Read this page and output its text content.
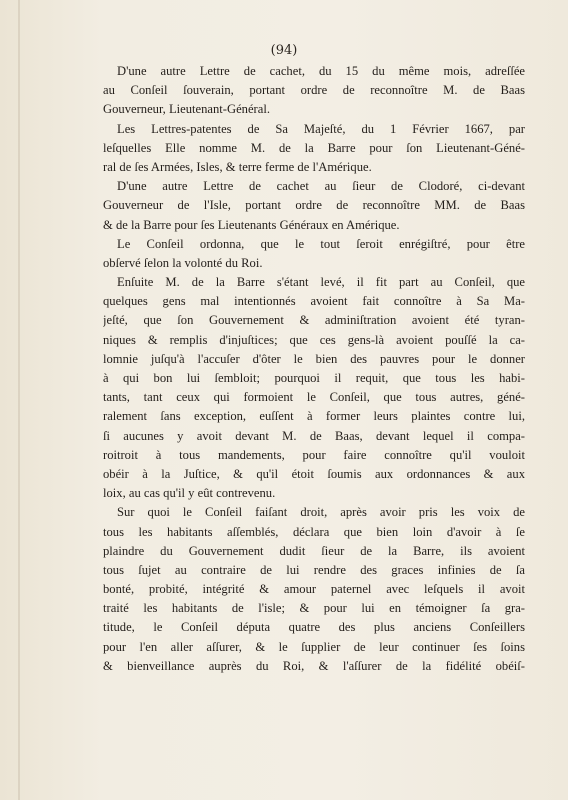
(94)
D'une autre Lettre de cachet, du 15 du même mois, adreſſée
au Conſeil ſouverain, portant ordre de reconnoître M. de Baas
Gouverneur, Lieutenant-Général.
Les Lettres-patentes de Sa Majeſté, du 1 Février 1667, par
leſquelles Elle nomme M. de la Barre pour ſon Lieutenant-Géné-
ral de ſes Armées, Isles, & terre ferme de l'Amérique.
D'une autre Lettre de cachet au ſieur de Clodoré, ci-devant
Gouverneur de l'Isle, portant ordre de reconnoître MM. de Baas
& de la Barre pour ſes Lieutenants Généraux en Amérique.
Le Conſeil ordonna, que le tout ſeroit enrégiſtré, pour être
obſervé ſelon la volonté du Roi.
Enſuite M. de la Barre s'étant levé, il fit part au Conſeil, que
quelques gens mal intentionnés avoient fait connoître à Sa Ma-
jeſté, que ſon Gouvernement & adminiſtration avoient été tyran-
niques & remplis d'injuſtices; que ces gens-là avoient pouſſé la ca-
lomnie juſqu'à l'accuſer d'ôter le bien des pauvres pour le donner
à qui bon lui ſembloit; pourquoi il requit, que tous les habi-
tants, tant ceux qui formoient le Conſeil, que tous autres, géné-
ralement ſans exception, euſſent à former leurs plaintes contre lui,
ſi aucunes y avoit devant M. de Baas, devant lequel il compa-
roitroit à tous mandements, pour faire connoître qu'il vouloit
obéir à la Juſtice, & qu'il étoit ſoumis aux ordonnances & aux
loix, au cas qu'il y eût contrevenu.
Sur quoi le Conſeil faiſant droit, après avoir pris les voix de
tous les habitants aſſemblés, déclara que bien loin d'avoir à ſe
plaindre du Gouvernement dudit ſieur de la Barre, ils avoient
tous ſujet au contraire de lui rendre des graces infinies de ſa
bonté, probité, intégrité & amour paternel avec leſquels il avoit
traité les habitants de l'isle; & pour lui en témoigner ſa gra-
titude, le Conſeil députa quatre des plus anciens Conſeillers
pour l'en aller aſſurer, & le ſupplier de leur continuer ſes ſoins
& bienveillance auprès du Roi, & l'aſſurer de la fidélité obéiſ-
